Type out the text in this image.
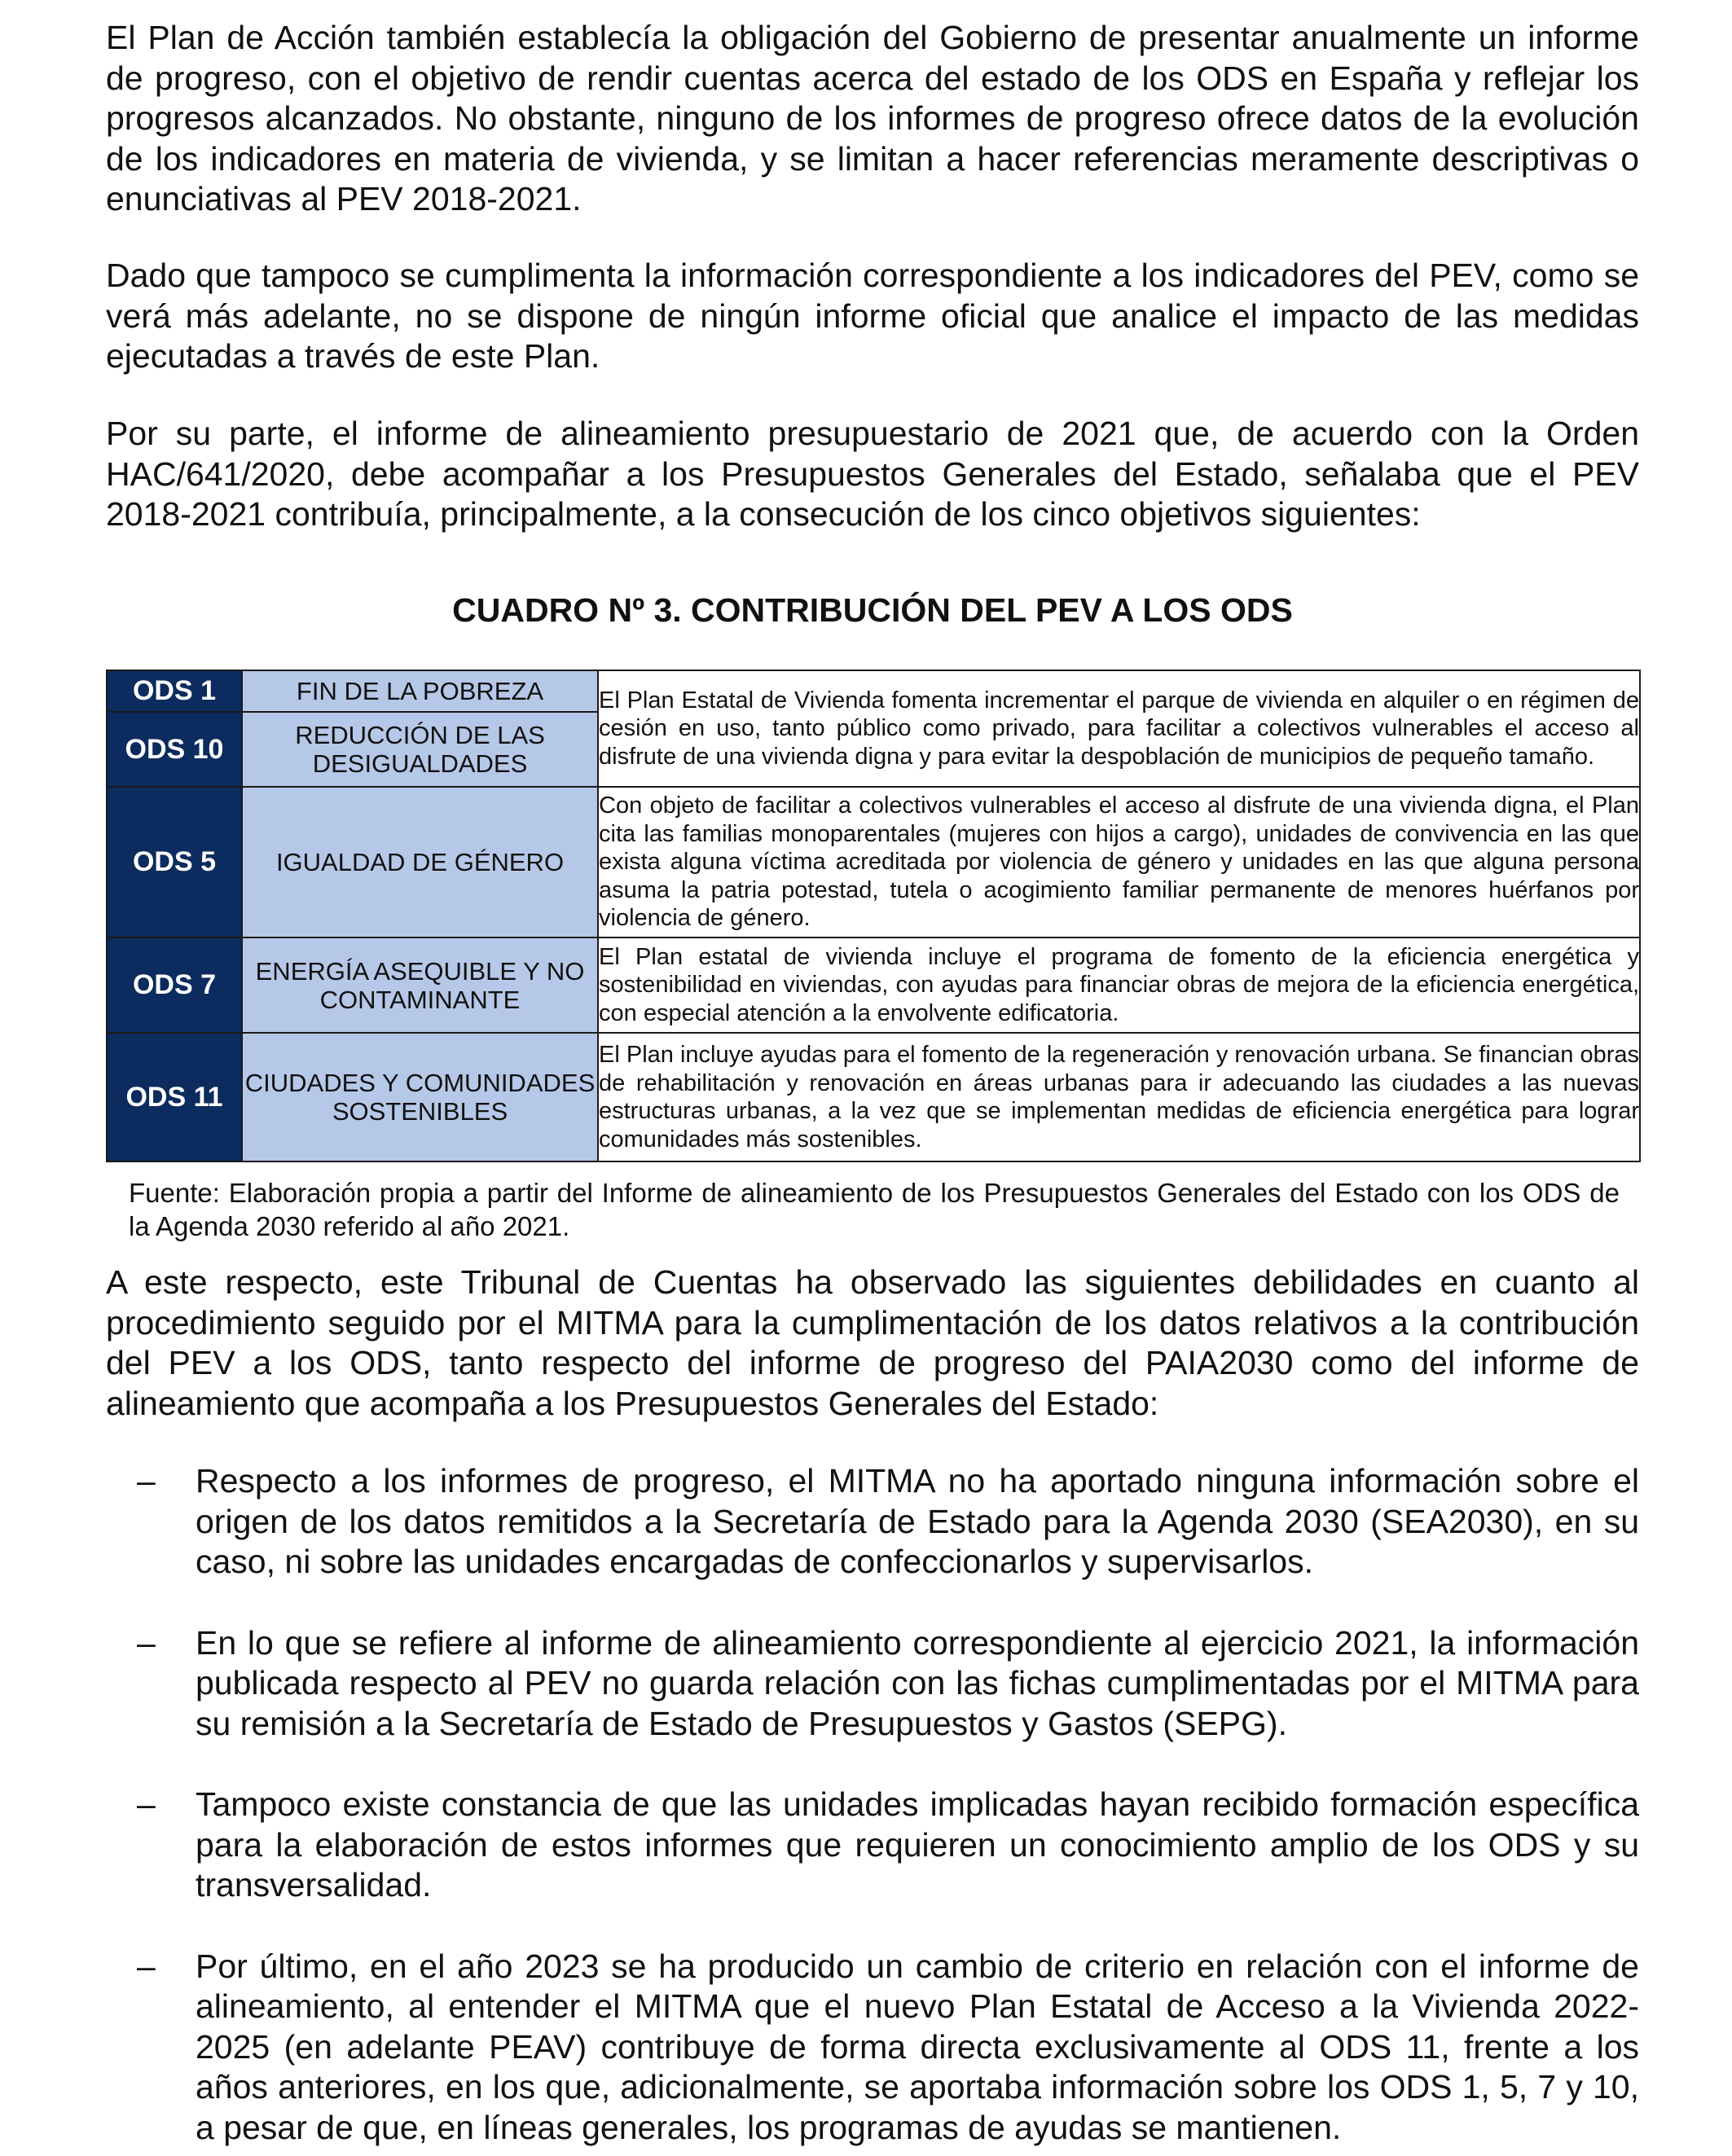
El Plan de Acción también establecía la obligación del Gobierno de presentar anualmente un informe de progreso, con el objetivo de rendir cuentas acerca del estado de los ODS en España y reflejar los progresos alcanzados. No obstante, ninguno de los informes de progreso ofrece datos de la evolución de los indicadores en materia de vivienda, y se limitan a hacer referencias meramente descriptivas o enunciativas al PEV 2018-2021.

Dado que tampoco se cumplimenta la información correspondiente a los indicadores del PEV, como se verá más adelante, no se dispone de ningún informe oficial que analice el impacto de las medidas ejecutadas a través de este Plan.

Por su parte, el informe de alineamiento presupuestario de 2021 que, de acuerdo con la Orden HAC/641/2020, debe acompañar a los Presupuestos Generales del Estado, señalaba que el PEV 2018-2021 contribuía, principalmente, a la consecución de los cinco objetivos siguientes:

CUADRO Nº 3. CONTRIBUCIÓN DEL PEV A LOS ODS
ODS 1	FIN DE LA POBREZA	El Plan Estatal de Vivienda fomenta incrementar el parque de vivienda en alquiler o en régimen de cesión en uso, tanto público como privado, para facilitar a colectivos vulnerables el acceso al disfrute de una vivienda digna y para evitar la despoblación de municipios de pequeño tamaño.
ODS 10	REDUCCIÓN DE LAS DESIGUALDADES	
ODS 5	IGUALDAD DE GÉNERO	Con objeto de facilitar a colectivos vulnerables el acceso al disfrute de una vivienda digna, el Plan cita las familias monoparentales (mujeres con hijos a cargo), unidades de convivencia en las que exista alguna víctima acreditada por violencia de género y unidades en las que alguna persona asuma la patria potestad, tutela o acogimiento familiar permanente de menores huérfanos por violencia de género.
ODS 7	ENERGÍA ASEQUIBLE Y NO CONTAMINANTE	El Plan estatal de vivienda incluye el programa de fomento de la eficiencia energética y sostenibilidad en viviendas, con ayudas para financiar obras de mejora de la eficiencia energética, con especial atención a la envolvente edificatoria.
ODS 11	CIUDADES Y COMUNIDADES SOSTENIBLES	El Plan incluye ayudas para el fomento de la regeneración y renovación urbana. Se financian obras de rehabilitación y renovación en áreas urbanas para ir adecuando las ciudades a las nuevas estructuras urbanas, a la vez que se implementan medidas de eficiencia energética para lograr comunidades más sostenibles.

Fuente: Elaboración propia a partir del Informe de alineamiento de los Presupuestos Generales del Estado con los ODS de la Agenda 2030 referido al año 2021.

A este respecto, este Tribunal de Cuentas ha observado las siguientes debilidades en cuanto al procedimiento seguido por el MITMA para la cumplimentación de los datos relativos a la contribución del PEV a los ODS, tanto respecto del informe de progreso del PAIA2030 como del informe de alineamiento que acompaña a los Presupuestos Generales del Estado:

– Respecto a los informes de progreso, el MITMA no ha aportado ninguna información sobre el origen de los datos remitidos a la Secretaría de Estado para la Agenda 2030 (SEA2030), en su caso, ni sobre las unidades encargadas de confeccionarlos y supervisarlos.

– En lo que se refiere al informe de alineamiento correspondiente al ejercicio 2021, la información publicada respecto al PEV no guarda relación con las fichas cumplimentadas por el MITMA para su remisión a la Secretaría de Estado de Presupuestos y Gastos (SEPG).

– Tampoco existe constancia de que las unidades implicadas hayan recibido formación específica para la elaboración de estos informes que requieren un conocimiento amplio de los ODS y su transversalidad.

– Por último, en el año 2023 se ha producido un cambio de criterio en relación con el informe de alineamiento, al entender el MITMA que el nuevo Plan Estatal de Acceso a la Vivienda 2022-2025 (en adelante PEAV) contribuye de forma directa exclusivamente al ODS 11, frente a los años anteriores, en los que, adicionalmente, se aportaba información sobre los ODS 1, 5, 7 y 10, a pesar de que, en líneas generales, los programas de ayudas se mantienen.
